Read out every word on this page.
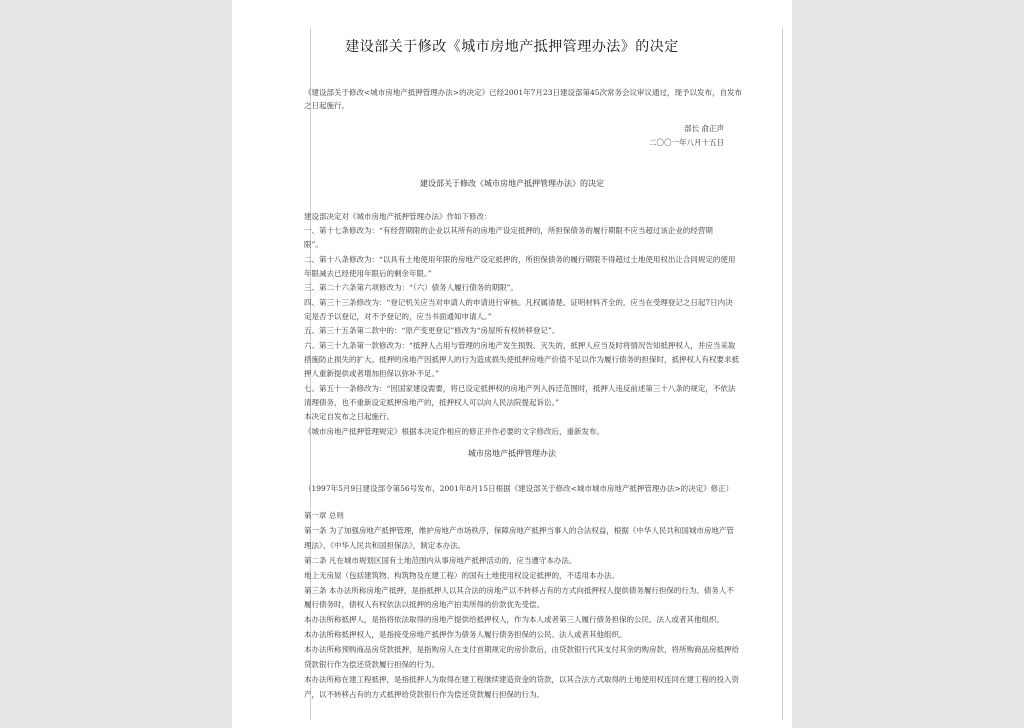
建设部关于修改《城市房地产抵押管理办法》的决定
《建设部关于修改<城市房地产抵押管理办法>的决定》已经2001年7月23日建设部第45次常务会议审议通过，现予以发布，自发布
之日起施行。
部长 俞正声
二〇〇一年八月十五日
建设部关于修改《城市房地产抵押管理办法》的决定
建设部决定对《城市房地产抵押管理办法》作如下修改：
一、第十七条修改为：“有经营期限的企业以其所有的房地产设定抵押的，所担保债务的履行期限不应当超过该企业的经营期
限”。
二、第十八条修改为：“以具有土地使用年限的房地产设定抵押的，所担保债务的履行期限不得超过土地使用权出让合同规定的使用
年限减去已经使用年限后的剩余年限。”
三、第二十六条第六项修改为：“（六）债务人履行债务的期限”。
四、第三十三条修改为：“登记机关应当对申请人的申请进行审核。凡权属清楚、证明材料齐全的，应当在受理登记之日起7日内决
定是否予以登记，对不予登记的，应当书面通知申请人。”
五、第三十五条第二款中的：“原产变更登记”修改为“房屋所有权转移登记”。
六、第三十九条第一款修改为：“抵押人占用与管理的房地产发生损毁、灭失的，抵押人应当及时将情况告知抵押权人，并应当采取
措施防止损失的扩大。抵押的房地产因抵押人的行为造成损失使抵押房地产价值不足以作为履行债务的担保时，抵押权人有权要求抵
押人重新提供或者增加担保以弥补不足。”
七、第五十一条修改为：“因国家建设需要，将已设定抵押权的房地产列入拆迁范围时，抵押人违反前述第三十八条的规定，不依法
清理债务，也不重新设定抵押房地产的，抵押权人可以向人民法院提起诉讼。”
本决定自发布之日起施行。
《城市房地产抵押管理规定》根据本决定作相应的修正并作必要的文字修改后，重新发布。
城市房地产抵押管理办法
（1997年5月9日建设部令第56号发布，2001年8月15日根据《建设部关于修改<城市城市房地产抵押管理办法>的决定》修正）
第一章 总则
第一条 为了加强房地产抵押管理，维护房地产市场秩序，保障房地产抵押当事人的合法权益，根据《中华人民共和国城市房地产管
理法》、《中华人民共和国担保法》，制定本办法。
第二条 凡在城市规划区国有土地范围内从事房地产抵押活动的，应当遵守本办法。
地上无房屋（包括建筑物、构筑物及在建工程）的国有土地使用权设定抵押的，不适用本办法。
第三条 本办法所称房地产抵押，是指抵押人以其合法的房地产以不转移占有的方式向抵押权人提供债务履行担保的行为。债务人不
履行债务时，债权人有权依法以抵押的房地产拍卖所得的价款优先受偿。
本办法所称抵押人，是指将依法取得的房地产提供给抵押权人，作为本人或者第三人履行债务担保的公民、法人或者其他组织。
本办法所称抵押权人，是指接受房地产抵押作为债务人履行债务担保的公民、法人或者其他组织。
本办法所称预购商品房贷款抵押，是指购房人在支付首期规定的房价款后，由贷款银行代其支付其余的购房款，将所购商品房抵押给
贷款银行作为偿还贷款履行担保的行为。
本办法所称在建工程抵押，是指抵押人为取得在建工程继续建造资金的贷款，以其合法方式取得的土地使用权连同在建工程的投入资
产，以不转移占有的方式抵押给贷款银行作为偿还贷款履行担保的行为。
